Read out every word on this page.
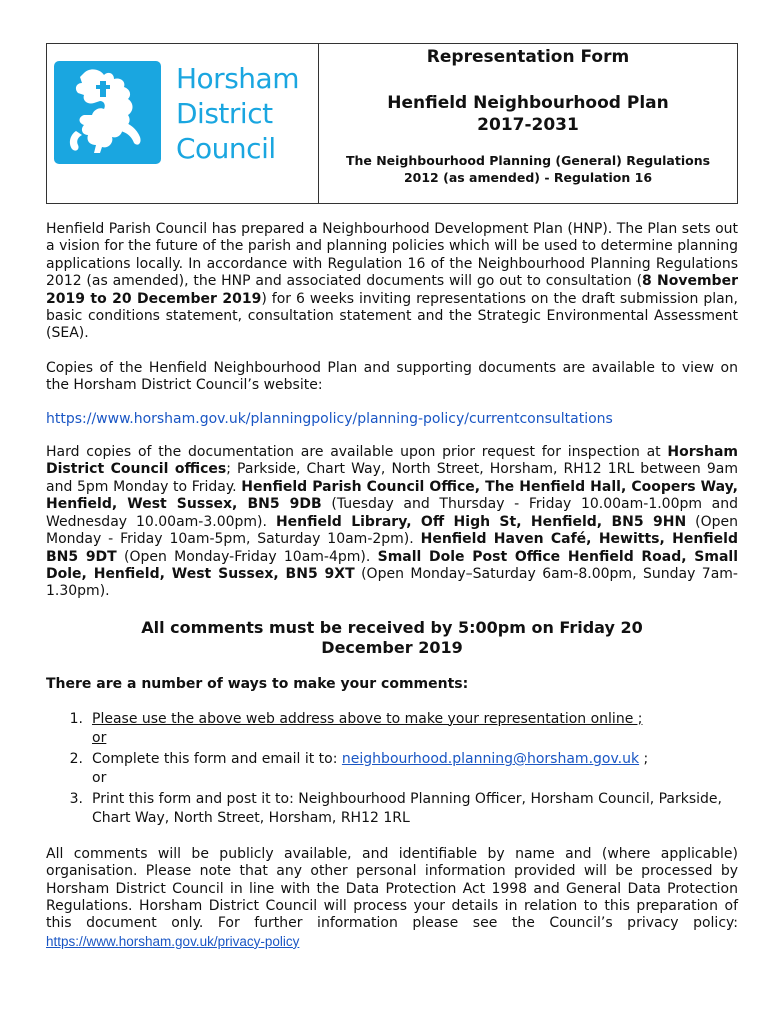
Horsham
District
Council
Representation Form
Henfield Neighbourhood Plan
2017-2031
The Neighbourhood Planning (General) Regulations 2012 (as amended) - Regulation 16

Henfield Parish Council has prepared a Neighbourhood Development Plan (HNP). The Plan sets out a vision for the future of the parish and planning policies which will be used to determine planning applications locally. In accordance with Regulation 16 of the Neighbourhood Planning Regulations 2012 (as amended), the HNP and associated documents will go out to consultation (8 November 2019 to 20 December 2019) for 6 weeks inviting representations on the draft submission plan, basic conditions statement, consultation statement and the Strategic Environmental Assessment (SEA).

Copies of the Henfield Neighbourhood Plan and supporting documents are available to view on the Horsham District Council’s website:

https://www.horsham.gov.uk/planningpolicy/planning-policy/currentconsultations

Hard copies of the documentation are available upon prior request for inspection at Horsham District Council offices; Parkside, Chart Way, North Street, Horsham, RH12 1RL between 9am and 5pm Monday to Friday. Henfield Parish Council Office, The Henfield Hall, Coopers Way, Henfield, West Sussex, BN5 9DB (Tuesday and Thursday - Friday 10.00am-1.00pm and Wednesday 10.00am-3.00pm). Henfield Library, Off High St, Henfield, BN5 9HN (Open Monday - Friday 10am-5pm, Saturday 10am-2pm). Henfield Haven Café, Hewitts, Henfield BN5 9DT (Open Monday-Friday 10am-4pm). Small Dole Post Office Henfield Road, Small Dole, Henfield, West Sussex, BN5 9XT (Open Monday–Saturday 6am-8.00pm, Sunday 7am-1.30pm).

All comments must be received by 5:00pm on Friday 20
December 2019
There are a number of ways to make your comments:
1. Please use the above web address above to make your representation online ;
or
2. Complete this form and email it to: neighbourhood.planning@horsham.gov.uk ;
or
3. Print this form and post it to: Neighbourhood Planning Officer, Horsham Council, Parkside, Chart Way, North Street, Horsham, RH12 1RL

All comments will be publicly available, and identifiable by name and (where applicable) organisation. Please note that any other personal information provided will be processed by Horsham District Council in line with the Data Protection Act 1998 and General Data Protection Regulations. Horsham District Council will process your details in relation to this preparation of this document only. For further information please see the Council’s privacy policy: https://www.horsham.gov.uk/privacy-policy
